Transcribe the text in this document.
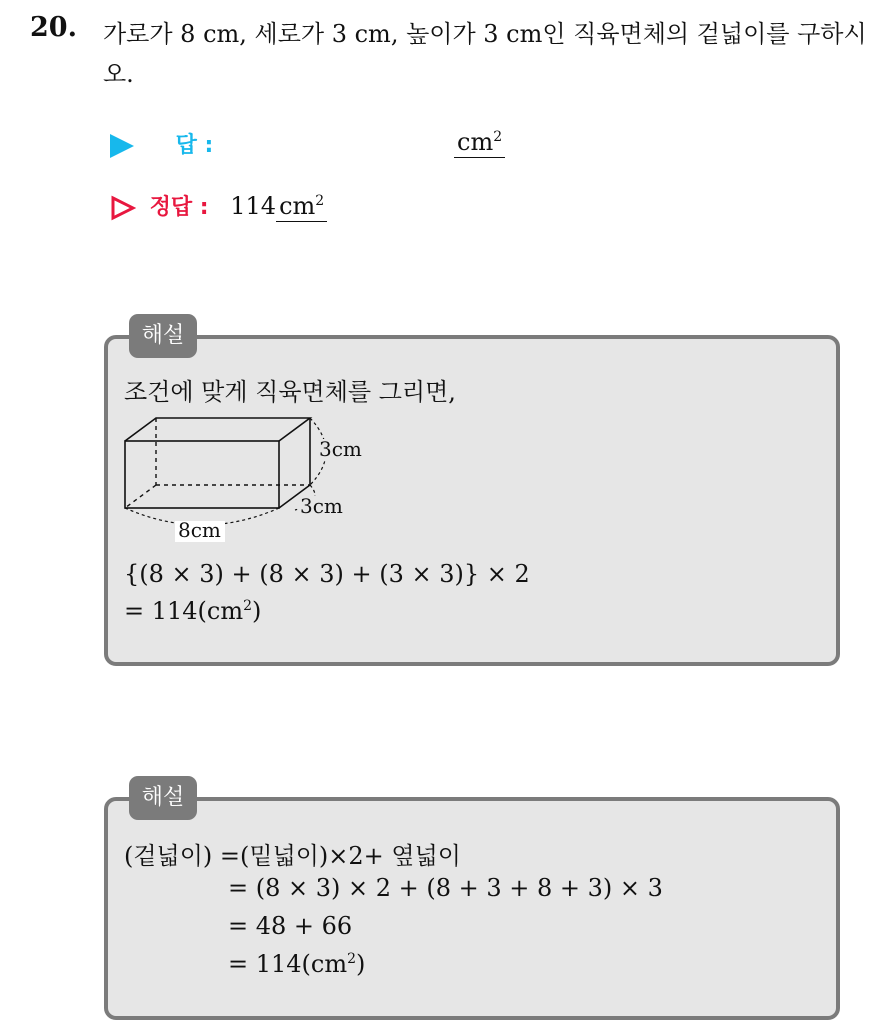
20. 가로가 8 cm, 세로가 3 cm, 높이가 3 cm인 직육면체의 겉넓이를 구하시오.
답 :	$cm^2$
정답 : 114 $cm^2$
해설
조건에 맞게 직육면체를 그리면,
3cm
3cm
8cm
{(8 × 3) + (8 × 3) + (3 × 3)} × 2
= $114(cm^2)$
해설
(겉넓이) =(밑넓이)×2+ 옆넓이
= (8 × 3) × 2 + (8 + 3 + 8 + 3) × 3
= 48 + 66
= $114(cm^2)$
